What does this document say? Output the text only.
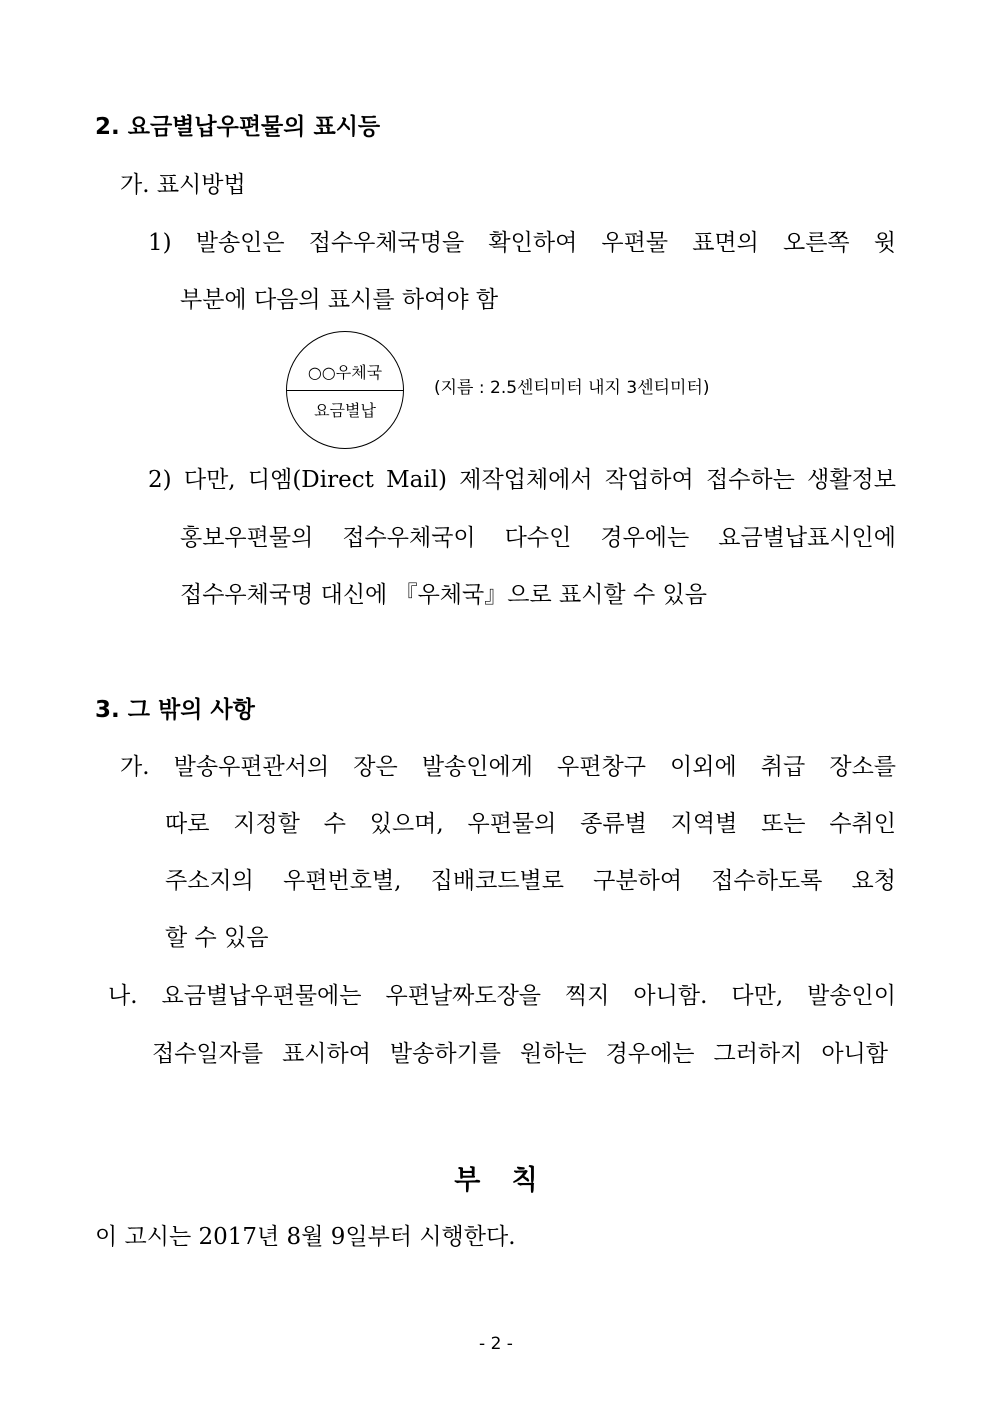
2. 요금별납우편물의 표시등
가. 표시방법
1) 발송인은 접수우체국명을 확인하여 우편물 표면의 오른쪽 윗
부분에 다음의 표시를 하여야 함
○○우체국
요금별납
(지름 : 2.5센티미터 내지 3센티미터)
2) 다만, 디엠(Direct Mail) 제작업체에서 작업하여 접수하는 생활정보
홍보우편물의 접수우체국이 다수인 경우에는 요금별납표시인에
접수우체국명 대신에 『우체국』으로 표시할 수 있음
3. 그 밖의 사항
가. 발송우편관서의 장은 발송인에게 우편창구 이외에 취급 장소를
따로 지정할 수 있으며, 우편물의 종류별 지역별 또는 수취인
주소지의 우편번호별, 집배코드별로 구분하여 접수하도록 요청
할 수 있음
나. 요금별납우편물에는 우편날짜도장을 찍지 아니함. 다만, 발송인이
접수일자를 표시하여 발송하기를 원하는 경우에는 그러하지 아니함
부 칙
이 고시는 2017년 8월 9일부터 시행한다.
- 2 -
